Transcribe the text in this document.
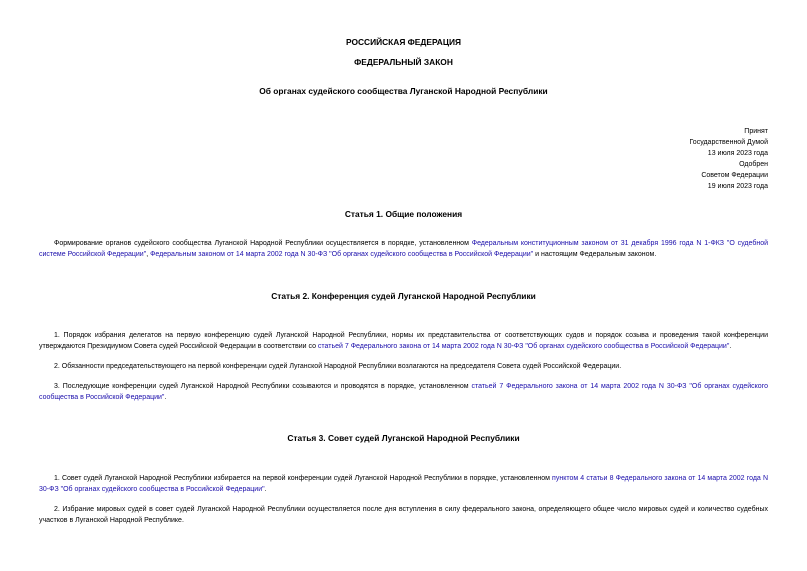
РОССИЙСКАЯ ФЕДЕРАЦИЯ
ФЕДЕРАЛЬНЫЙ ЗАКОН
Об органах судейского сообщества Луганской Народной Республики
Принят
Государственной Думой
13 июля 2023 года
Одобрен
Советом Федерации
19 июля 2023 года
Статья 1. Общие положения
Формирование органов судейского сообщества Луганской Народной Республики осуществляется в порядке, установленном Федеральным конституционным законом от 31 декабря 1996 года N 1-ФКЗ "О судебной системе Российской Федерации", Федеральным законом от 14 марта 2002 года N 30-ФЗ "Об органах судейского сообщества в Российской Федерации" и настоящим Федеральным законом.
Статья 2. Конференция судей Луганской Народной Республики
1. Порядок избрания делегатов на первую конференцию судей Луганской Народной Республики, нормы их представительства от соответствующих судов и порядок созыва и проведения такой конференции утверждаются Президиумом Совета судей Российской Федерации в соответствии со статьей 7 Федерального закона от 14 марта 2002 года N 30-ФЗ "Об органах судейского сообщества в Российской Федерации".
2. Обязанности председательствующего на первой конференции судей Луганской Народной Республики возлагаются на председателя Совета судей Российской Федерации.
3. Последующие конференции судей Луганской Народной Республики созываются и проводятся в порядке, установленном статьей 7 Федерального закона от 14 марта 2002 года N 30-ФЗ "Об органах судейского сообщества в Российской Федерации".
Статья 3. Совет судей Луганской Народной Республики
1. Совет судей Луганской Народной Республики избирается на первой конференции судей Луганской Народной Республики в порядке, установленном пунктом 4 статьи 8 Федерального закона от 14 марта 2002 года N 30-ФЗ "Об органах судейского сообщества в Российской Федерации".
2. Избрание мировых судей в совет судей Луганской Народной Республики осуществляется после дня вступления в силу федерального закона, определяющего общее число мировых судей и количество судебных участков в Луганской Народной Республике.
